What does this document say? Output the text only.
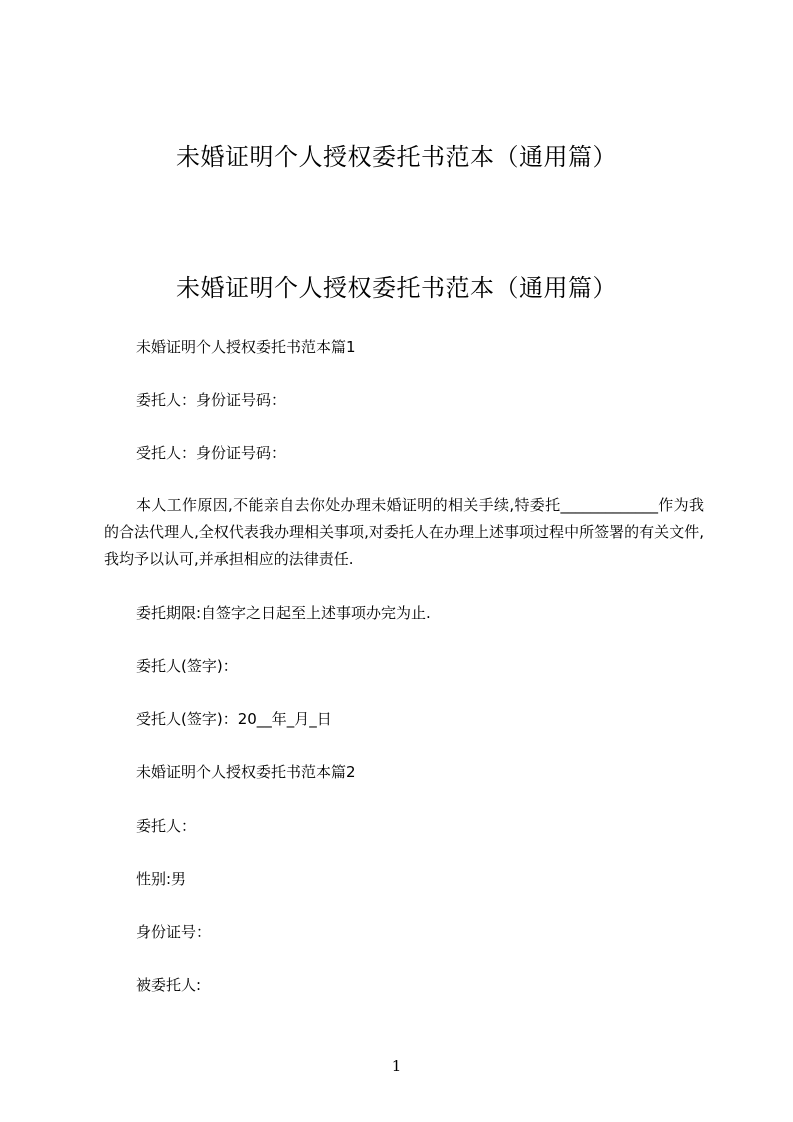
未婚证明个人授权委托书范本（通用篇）
未婚证明个人授权委托书范本（通用篇）
未婚证明个人授权委托书范本篇1
委托人：身份证号码：
受托人：身份证号码：
本人工作原因,不能亲自去你处办理未婚证明的相关手续,特委托_____________作为我的合法代理人,全权代表我办理相关事项,对委托人在办理上述事项过程中所签署的有关文件,我均予以认可,并承担相应的法律责任.
委托期限:自签字之日起至上述事项办完为止.
委托人(签字)：
受托人(签字)：20__年_月_日
未婚证明个人授权委托书范本篇2
委托人：
性别:男
身份证号：
被委托人:
1
